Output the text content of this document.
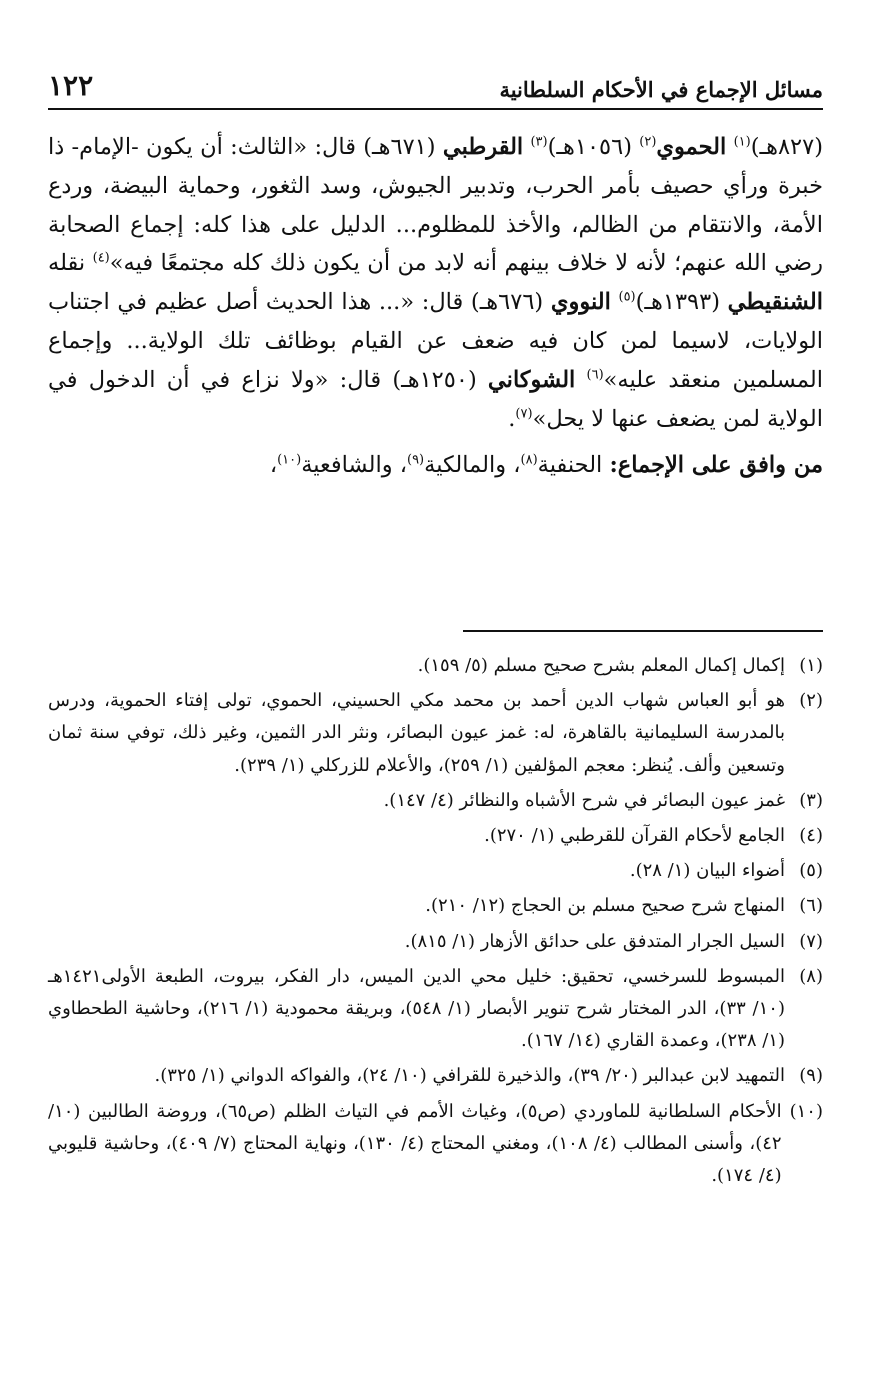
١٢٢	مسائل الإجماع في الأحكام السلطانية

(٨٢٧هـ)$^{(١)}$ الحموي$^{(٢)}$ (١٠٥٦هـ)$^{(٣)}$ القرطبي (٦٧١هـ) قال: «الثالث: أن يكون -الإمام- ذا خبرة ورأي حصيف بأمر الحرب، وتدبير الجيوش، وسد الثغور، وحماية البيضة، وردع الأمة، والانتقام من الظالم، والأخذ للمظلوم... الدليل على هذا كله: إجماع الصحابة رضي الله عنهم؛ لأنه لا خلاف بينهم أنه لابد من أن يكون ذلك كله مجتمعًا فيه»$^{(٤)}$ نقله الشنقيطي (١٣٩٣هـ)$^{(٥)}$ النووي (٦٧٦هـ) قال: «... هذا الحديث أصل عظيم في اجتناب الولايات، لاسيما لمن كان فيه ضعف عن القيام بوظائف تلك الولاية... وإجماع المسلمين منعقد عليه»$^{(٦)}$ الشوكاني (١٢٥٠هـ) قال: «ولا نزاع في أن الدخول في الولاية لمن يضعف عنها لا يحل»$^{(٧)}$.

من وافق على الإجماع: الحنفية$^{(٨)}$، والمالكية$^{(٩)}$، والشافعية$^{(١٠)}$،

(١)
إكمال إكمال المعلم بشرح صحيح مسلم (٥/ ١٥٩).
(٢)
هو أبو العباس شهاب الدين أحمد بن محمد مكي الحسيني، الحموي، تولى إفتاء الحموية، ودرس بالمدرسة السليمانية بالقاهرة، له: غمز عيون البصائر، ونثر الدر الثمين، وغير ذلك، توفي سنة ثمان وتسعين وألف. يُنظر: معجم المؤلفين (١/ ٢٥٩)، والأعلام للزركلي (١/ ٢٣٩).
(٣)
غمز عيون البصائر في شرح الأشباه والنظائر (٤/ ١٤٧).
(٤)
الجامع لأحكام القرآن للقرطبي (١/ ٢٧٠).
(٥)
أضواء البيان (١/ ٢٨).
(٦)
المنهاج شرح صحيح مسلم بن الحجاج (١٢/ ٢١٠).
(٧)
السيل الجرار المتدفق على حدائق الأزهار (١/ ٨١٥).
(٨)
المبسوط للسرخسي، تحقيق: خليل محي الدين الميس، دار الفكر، بيروت، الطبعة الأولى١٤٢١هـ (١٠/ ٣٣)، الدر المختار شرح تنوير الأبصار (١/ ٥٤٨)، وبريقة محمودية (١/ ٢١٦)، وحاشية الطحطاوي (١/ ٢٣٨)، وعمدة القاري (١٤/ ١٦٧).
(٩)
التمهيد لابن عبدالبر (٢٠/ ٣٩)، والذخيرة للقرافي (١٠/ ٢٤)، والفواكه الدواني (١/ ٣٢٥).
(١٠)
الأحكام السلطانية للماوردي (ص٥)، وغياث الأمم في التياث الظلم (ص٦٥)، وروضة الطالبين (١٠/ ٤٢)، وأسنى المطالب (٤/ ١٠٨)، ومغني المحتاج (٤/ ١٣٠)، ونهاية المحتاج (٧/ ٤٠٩)، وحاشية قليوبي (٤/ ١٧٤).
